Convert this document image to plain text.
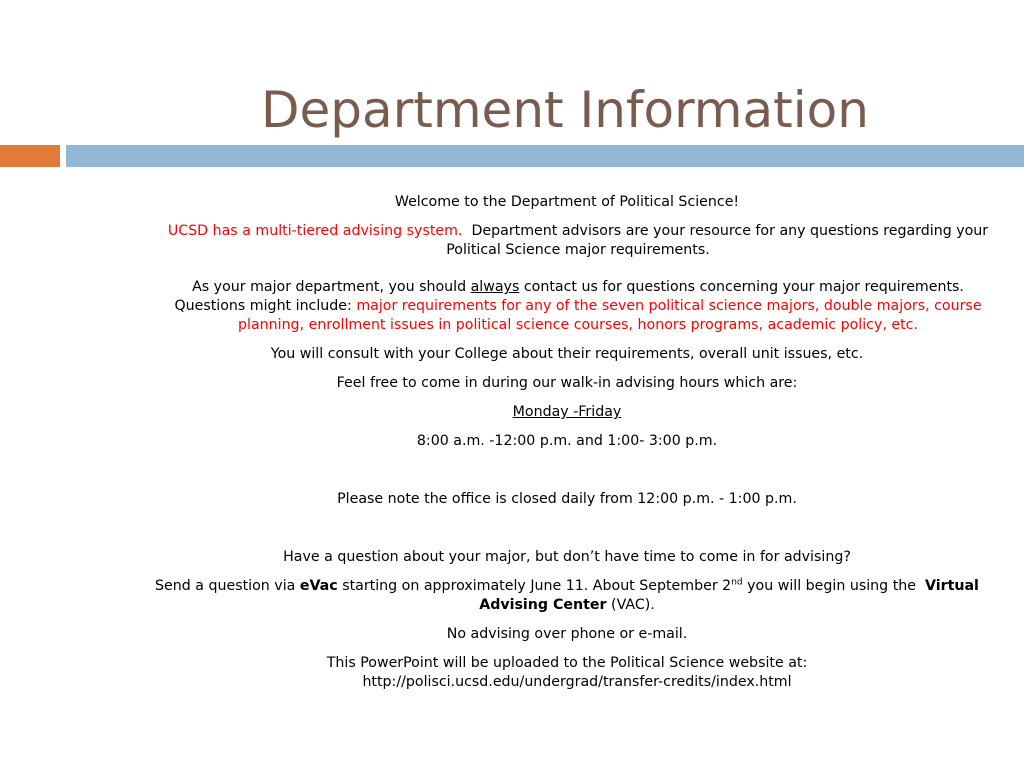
Department Information

Welcome to the Department of Political Science!

UCSD has a multi-tiered advising system. Department advisors are your resource for any questions regarding your Political Science major requirements.

As your major department, you should always contact us for questions concerning your major requirements. Questions might include: major requirements for any of the seven political science majors, double majors, course planning, enrollment issues in political science courses, honors programs, academic policy, etc.

You will consult with your College about their requirements, overall unit issues, etc.

Feel free to come in during our walk-in advising hours which are:

Monday -Friday

8:00 a.m. -12:00 p.m. and 1:00- 3:00 p.m.

Please note the office is closed daily from 12:00 p.m. - 1:00 p.m.

Have a question about your major, but don’t have time to come in for advising?

Send a question via eVac starting on approximately June 11. About September 2nd you will begin using the Virtual Advising Center (VAC).

No advising over phone or e-mail.

This PowerPoint will be uploaded to the Political Science website at:
http://polisci.ucsd.edu/undergrad/transfer-credits/index.html
